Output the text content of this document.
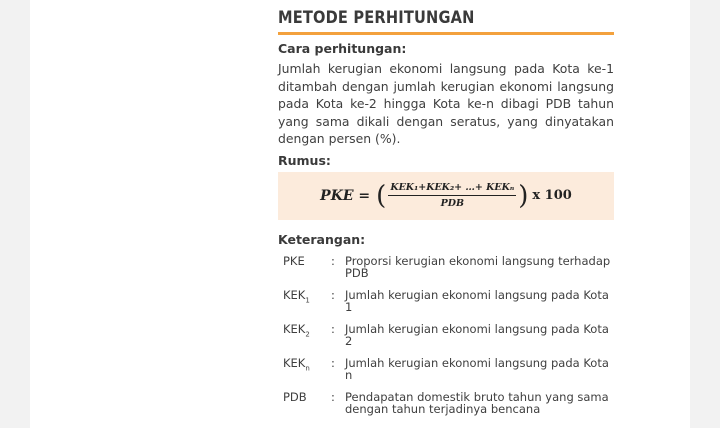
METODE PERHITUNGAN

Cara perhitungan:

Jumlah kerugian ekonomi langsung pada Kota ke-1 ditambah dengan jumlah kerugian ekonomi langsung pada Kota ke-2 hingga Kota ke-n dibagi PDB tahun yang sama dikali dengan seratus, yang dinyatakan dengan persen (%).

Rumus:

PKE = ( $\frac{\text{KEK₁+KEK₂+ …+ KEKₙ}}{\text{PDB}}$ ) x 100

Keterangan:

PKE	: Proporsi kerugian ekonomi langsung terhadap PDB
$KEK_1$	: Jumlah kerugian ekonomi langsung pada Kota 1
$KEK_2$	: Jumlah kerugian ekonomi langsung pada Kota 2
$KEK_n$	: Jumlah kerugian ekonomi langsung pada Kota n
PDB	: Pendapatan domestik bruto tahun yang sama dengan tahun terjadinya bencana
